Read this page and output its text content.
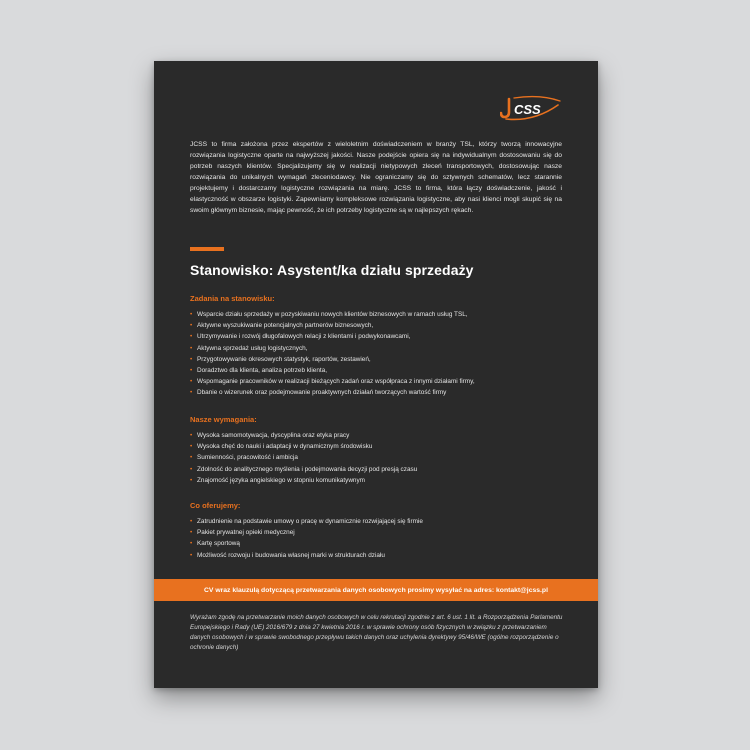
CSS

JCSS to firma założona przez ekspertów z wieloletnim doświadczeniem w branży TSL, którzy tworzą innowacyjne rozwiązania logistyczne oparte na najwyższej jakości. Nasze podejście opiera się na indywidualnym dostosowaniu się do potrzeb naszych klientów. Specjalizujemy się w realizacji nietypowych zleceń transportowych, dostosowując nasze rozwiązania do unikalnych wymagań zleceniodawcy. Nie ograniczamy się do sztywnych schematów, lecz starannie projektujemy i dostarczamy logistyczne rozwiązania na miarę. JCSS to firma, która łączy doświadczenie, jakość i elastyczność w obszarze logistyki. Zapewniamy kompleksowe rozwiązania logistyczne, aby nasi klienci mogli skupić się na swoim głównym biznesie, mając pewność, że ich potrzeby logistyczne są w najlepszych rękach.

Stanowisko: Asystent/ka działu sprzedaży
Zadania na stanowisku:
• Wsparcie działu sprzedaży w pozyskiwaniu nowych klientów biznesowych w ramach usług TSL,
• Aktywne wyszukiwanie potencjalnych partnerów biznesowych,
• Utrzymywanie i rozwój długofalowych relacji z klientami i podwykonawcami,
• Aktywna sprzedaż usług logistycznych,
• Przygotowywanie okresowych statystyk, raportów, zestawień,
• Doradztwo dla klienta, analiza potrzeb klienta,
• Wspomaganie pracowników w realizacji bieżących zadań oraz współpraca z innymi działami firmy,
• Dbanie o wizerunek oraz podejmowanie proaktywnych działań tworzących wartość firmy
Nasze wymagania:
• Wysoka samomotywacja, dyscyplina oraz etyka pracy
• Wysoka chęć do nauki i adaptacji w dynamicznym środowisku
• Sumienności, pracowitość i ambicja
• Zdolność do analitycznego myślenia i podejmowania decyzji pod presją czasu
• Znajomość języka angielskiego w stopniu komunikatywnym
Co oferujemy:
• Zatrudnienie na podstawie umowy o pracę w dynamicznie rozwijającej się firmie
• Pakiet prywatnej opieki medycznej
• Kartę sportową
• Możliwość rozwoju i budowania własnej marki w strukturach działu
CV wraz klauzulą dotyczącą przetwarzania danych osobowych prosimy wysyłać na adres: kontakt@jcss.pl

Wyrażam zgodę na przetwarzanie moich danych osobowych w celu rekrutacji zgodnie z art. 6 ust. 1 lit. a Rozporządzenia Parlamentu Europejskiego i Rady (UE) 2016/679 z dnia 27 kwietnia 2016 r. w sprawie ochrony osób fizycznych w związku z przetwarzaniem danych osobowych i w sprawie swobodnego przepływu takich danych oraz uchylenia dyrektywy 95/46/WE (ogólne rozporządzenie o ochronie danych)
